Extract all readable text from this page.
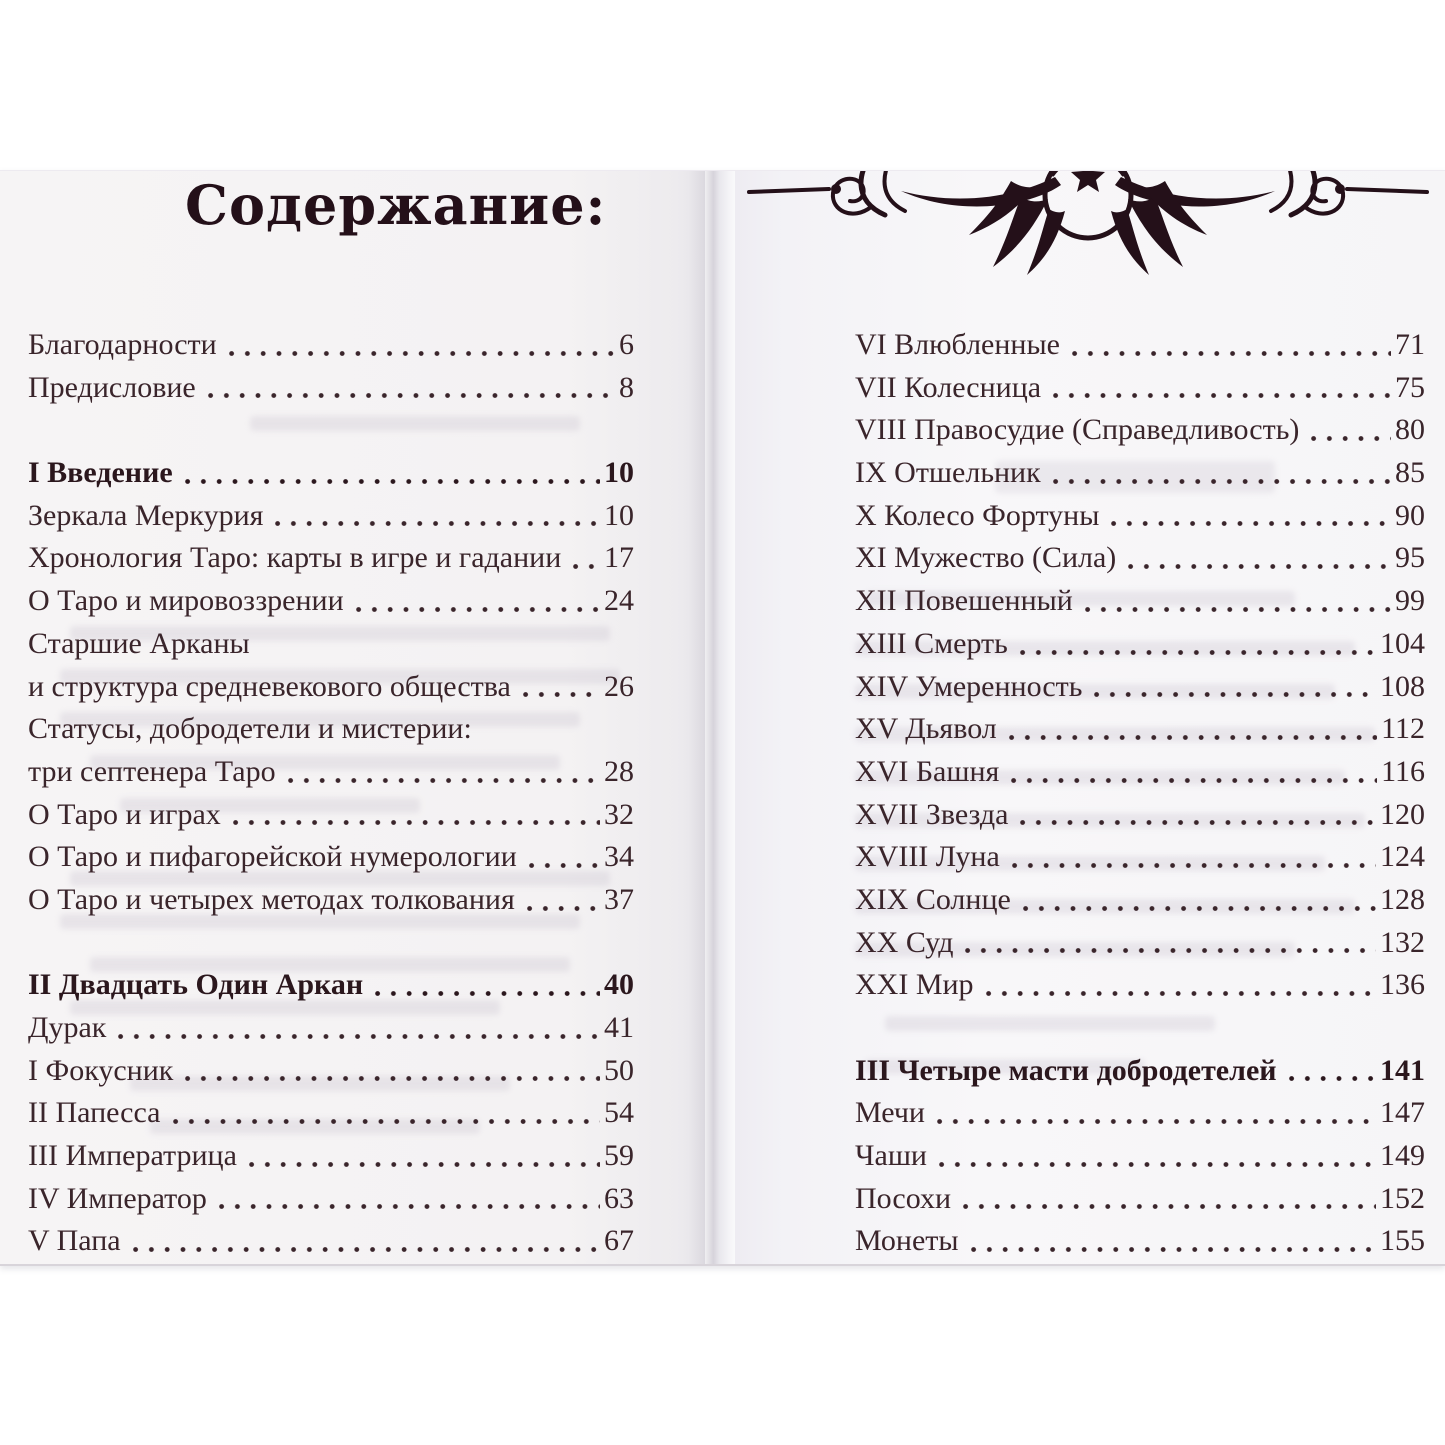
Содержание:
Благодарности	6
Предисловие	8
I Введение	10
Зеркала Меркурия	10
Хронология Таро: карты в игре и гадании 17
О Таро и мировоззрении	24
Старшие Арканы
и структура средневекового общества	26
Статусы, добродетели и мистерии:
три септенера Таро	28
О Таро и играх	32
О Таро и пифагорейской нумерологии	34
О Таро и четырех методах толкования	37
II Двадцать Один Аркан	40
Дурак	41
I Фокусник	50
II Папесса	54
III Императрица	59
IV Император	63
V Папа	67
VI Влюбленные	71
VII Колесница	75
VIII Правосудие (Справедливость)	80
IX Отшельник	85
X Колесо Фортуны	90
XI Мужество (Сила)	95
XII Повешенный	99
XIII Смерть	104
XIV Умеренность	108
XV Дьявол	112
XVI Башня	116
XVII Звезда	120
XVIII Луна	124
XIX Солнце	128
XX Суд	132
XXI Мир	136
III Четыре масти добродетелей	141
Мечи	147
Чаши	149
Посохи	152
Монеты	155
